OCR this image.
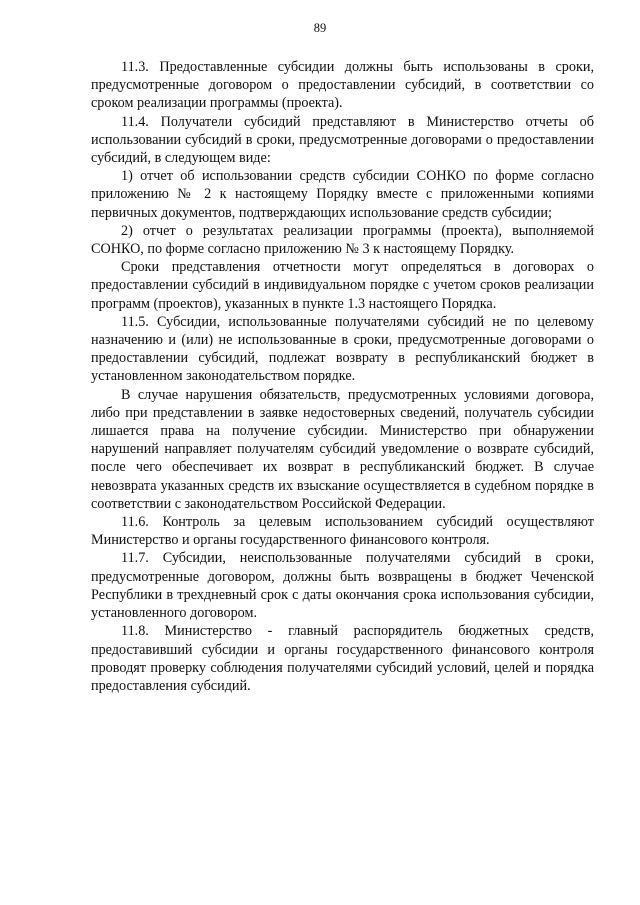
89

11.3. Предоставленные субсидии должны быть использованы в сроки, предусмотренные договором о предоставлении субсидий, в соответствии со сроком реализации программы (проекта).

11.4. Получатели субсидий представляют в Министерство отчеты об использовании субсидий в сроки, предусмотренные договорами о предоставлении субсидий, в следующем виде:

1) отчет об использовании средств субсидии СОНКО по форме согласно приложению № 2 к настоящему Порядку вместе с приложенными копиями первичных документов, подтверждающих использование средств субсидии;

2) отчет о результатах реализации программы (проекта), выполняемой СОНКО, по форме согласно приложению № 3 к настоящему Порядку.

Сроки представления отчетности могут определяться в договорах о предоставлении субсидий в индивидуальном порядке с учетом сроков реализации программ (проектов), указанных в пункте 1.3 настоящего Порядка.

11.5. Субсидии, использованные получателями субсидий не по целевому назначению и (или) не использованные в сроки, предусмотренные договорами о предоставлении субсидий, подлежат возврату в республиканский бюджет в установленном законодательством порядке.

В случае нарушения обязательств, предусмотренных условиями договора, либо при представлении в заявке недостоверных сведений, получатель субсидии лишается права на получение субсидии. Министерство при обнаружении нарушений направляет получателям субсидий уведомление о возврате субсидий, после чего обеспечивает их возврат в республиканский бюджет. В случае невозврата указанных средств их взыскание осуществляется в судебном порядке в соответствии с законодательством Российской Федерации.

11.6. Контроль за целевым использованием субсидий осуществляют Министерство и органы государственного финансового контроля.

11.7. Субсидии, неиспользованные получателями субсидий в сроки, предусмотренные договором, должны быть возвращены в бюджет Чеченской Республики в трехдневный срок с даты окончания срока использования субсидии, установленного договором.

11.8. Министерство - главный распорядитель бюджетных средств, предоставивший субсидии и органы государственного финансового контроля проводят проверку соблюдения получателями субсидий условий, целей и порядка предоставления субсидий.
